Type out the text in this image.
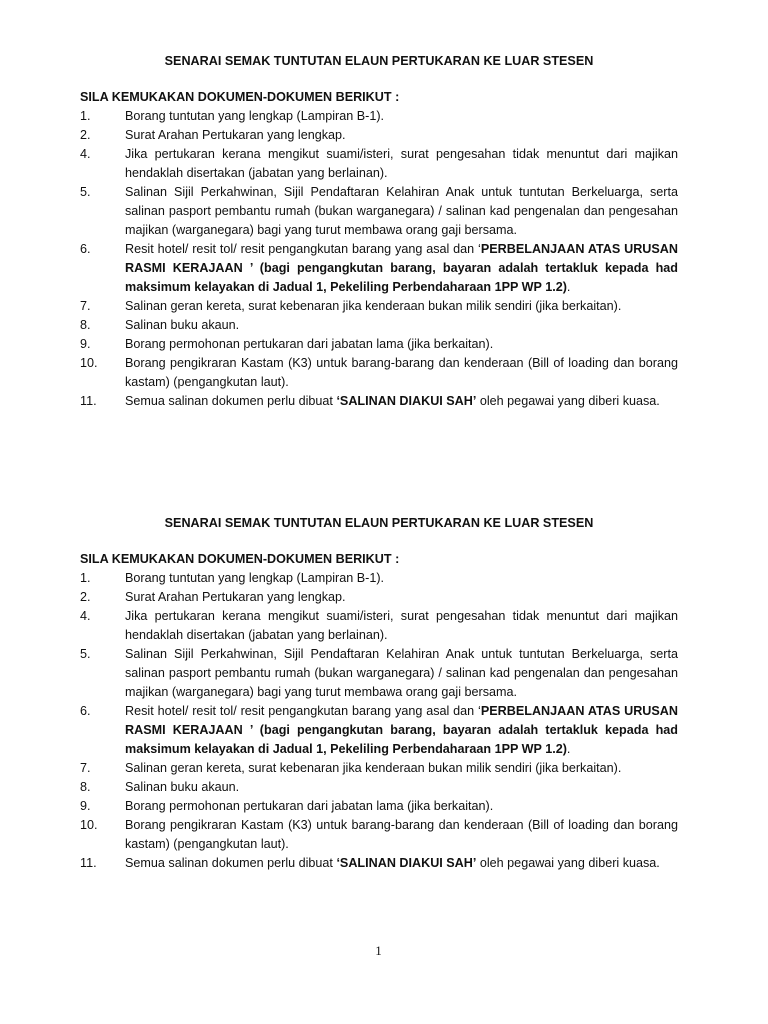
SENARAI SEMAK TUNTUTAN ELAUN PERTUKARAN KE LUAR STESEN
SILA KEMUKAKAN DOKUMEN-DOKUMEN BERIKUT :
1.	Borang tuntutan yang lengkap (Lampiran B-1).
2.	Surat Arahan Pertukaran yang lengkap.
4.	Jika pertukaran kerana mengikut suami/isteri, surat pengesahan tidak menuntut dari majikan hendaklah disertakan (jabatan yang berlainan).
5.	Salinan Sijil Perkahwinan, Sijil Pendaftaran Kelahiran Anak untuk tuntutan Berkeluarga, serta salinan pasport pembantu rumah (bukan warganegara) / salinan kad pengenalan dan pengesahan majikan (warganegara) bagi yang turut membawa orang gaji bersama.
6.	Resit hotel/ resit tol/ resit pengangkutan barang yang asal dan ‘PERBELANJAAN ATAS URUSAN RASMI KERAJAAN ’ (bagi pengangkutan barang, bayaran adalah tertakluk kepada had maksimum kelayakan di Jadual 1, Pekeliling Perbendaharaan 1PP WP 1.2).
7.	Salinan geran kereta, surat kebenaran jika kenderaan bukan milik sendiri (jika berkaitan).
8.	Salinan buku akaun.
9.	Borang permohonan pertukaran dari jabatan lama (jika berkaitan).
10. Borang pengikraran Kastam (K3) untuk barang-barang dan kenderaan (Bill of loading dan borang kastam) (pengangkutan laut).
11. Semua salinan dokumen perlu dibuat ‘SALINAN DIAKUI SAH’ oleh pegawai yang diberi kuasa.
SENARAI SEMAK TUNTUTAN ELAUN PERTUKARAN KE LUAR STESEN
SILA KEMUKAKAN DOKUMEN-DOKUMEN BERIKUT :
1.	Borang tuntutan yang lengkap (Lampiran B-1).
2.	Surat Arahan Pertukaran yang lengkap.
4.	Jika pertukaran kerana mengikut suami/isteri, surat pengesahan tidak menuntut dari majikan hendaklah disertakan (jabatan yang berlainan).
5.	Salinan Sijil Perkahwinan, Sijil Pendaftaran Kelahiran Anak untuk tuntutan Berkeluarga, serta salinan pasport pembantu rumah (bukan warganegara) / salinan kad pengenalan dan pengesahan majikan (warganegara) bagi yang turut membawa orang gaji bersama.
6.	Resit hotel/ resit tol/ resit pengangkutan barang yang asal dan ‘PERBELANJAAN ATAS URUSAN RASMI KERAJAAN ’ (bagi pengangkutan barang, bayaran adalah tertakluk kepada had maksimum kelayakan di Jadual 1, Pekeliling Perbendaharaan 1PP WP 1.2).
7.	Salinan geran kereta, surat kebenaran jika kenderaan bukan milik sendiri (jika berkaitan).
8.	Salinan buku akaun.
9.	Borang permohonan pertukaran dari jabatan lama (jika berkaitan).
10. Borang pengikraran Kastam (K3) untuk barang-barang dan kenderaan (Bill of loading dan borang kastam) (pengangkutan laut).
11. Semua salinan dokumen perlu dibuat ‘SALINAN DIAKUI SAH’ oleh pegawai yang diberi kuasa.
1
